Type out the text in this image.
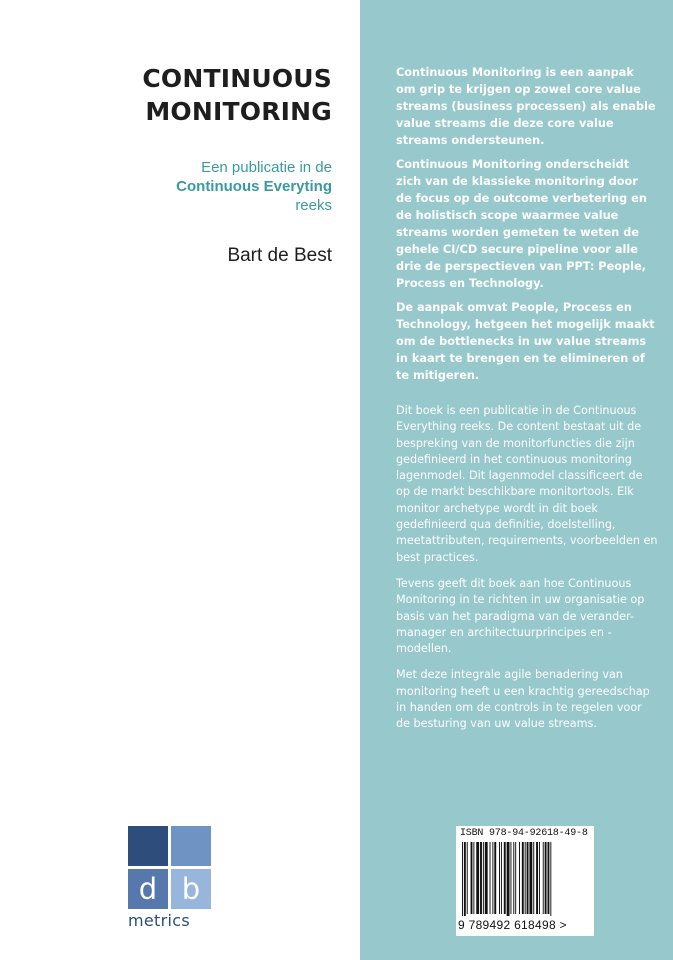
CONTINUOUS
MONITORING
Een publicatie in de
Continuous Everyting
reeks
Bart de Best
d b
metrics

Continuous Monitoring is een aanpak om grip te krijgen op zowel core value streams (business processen) als enable value streams die deze core value streams ondersteunen.

Continuous Monitoring onderscheidt zich van de klassieke monitoring door de focus op de outcome verbetering en de holistisch scope waarmee value streams worden gemeten te weten de gehele CI/CD secure pipeline voor alle drie de perspectieven van PPT: People, Process en Technology.

De aanpak omvat People, Process en Technology, hetgeen het mogelijk maakt om de bottlenecks in uw value streams in kaart te brengen en te elimineren of te mitigeren.

Dit boek is een publicatie in de Continuous Everything reeks. De content bestaat uit de bespreking van de monitorfuncties die zijn gedefinieerd in het continuous monitoring lagenmodel. Dit lagenmodel classificeert de op de markt beschikbare monitortools. Elk monitor archetype wordt in dit boek gedefinieerd qua definitie, doelstelling, meetattributen, requirements, voorbeelden en best practices.

Tevens geeft dit boek aan hoe Continuous Monitoring in te richten in uw organisatie op basis van het paradigma van de verander-manager en architectuurprincipes en -modellen.

Met deze integrale agile benadering van monitoring heeft u een krachtig gereedschap in handen om de controls in te regelen voor de besturing van uw value streams.

ISBN 978-94-92618-49-8
9 789492 618498 >
